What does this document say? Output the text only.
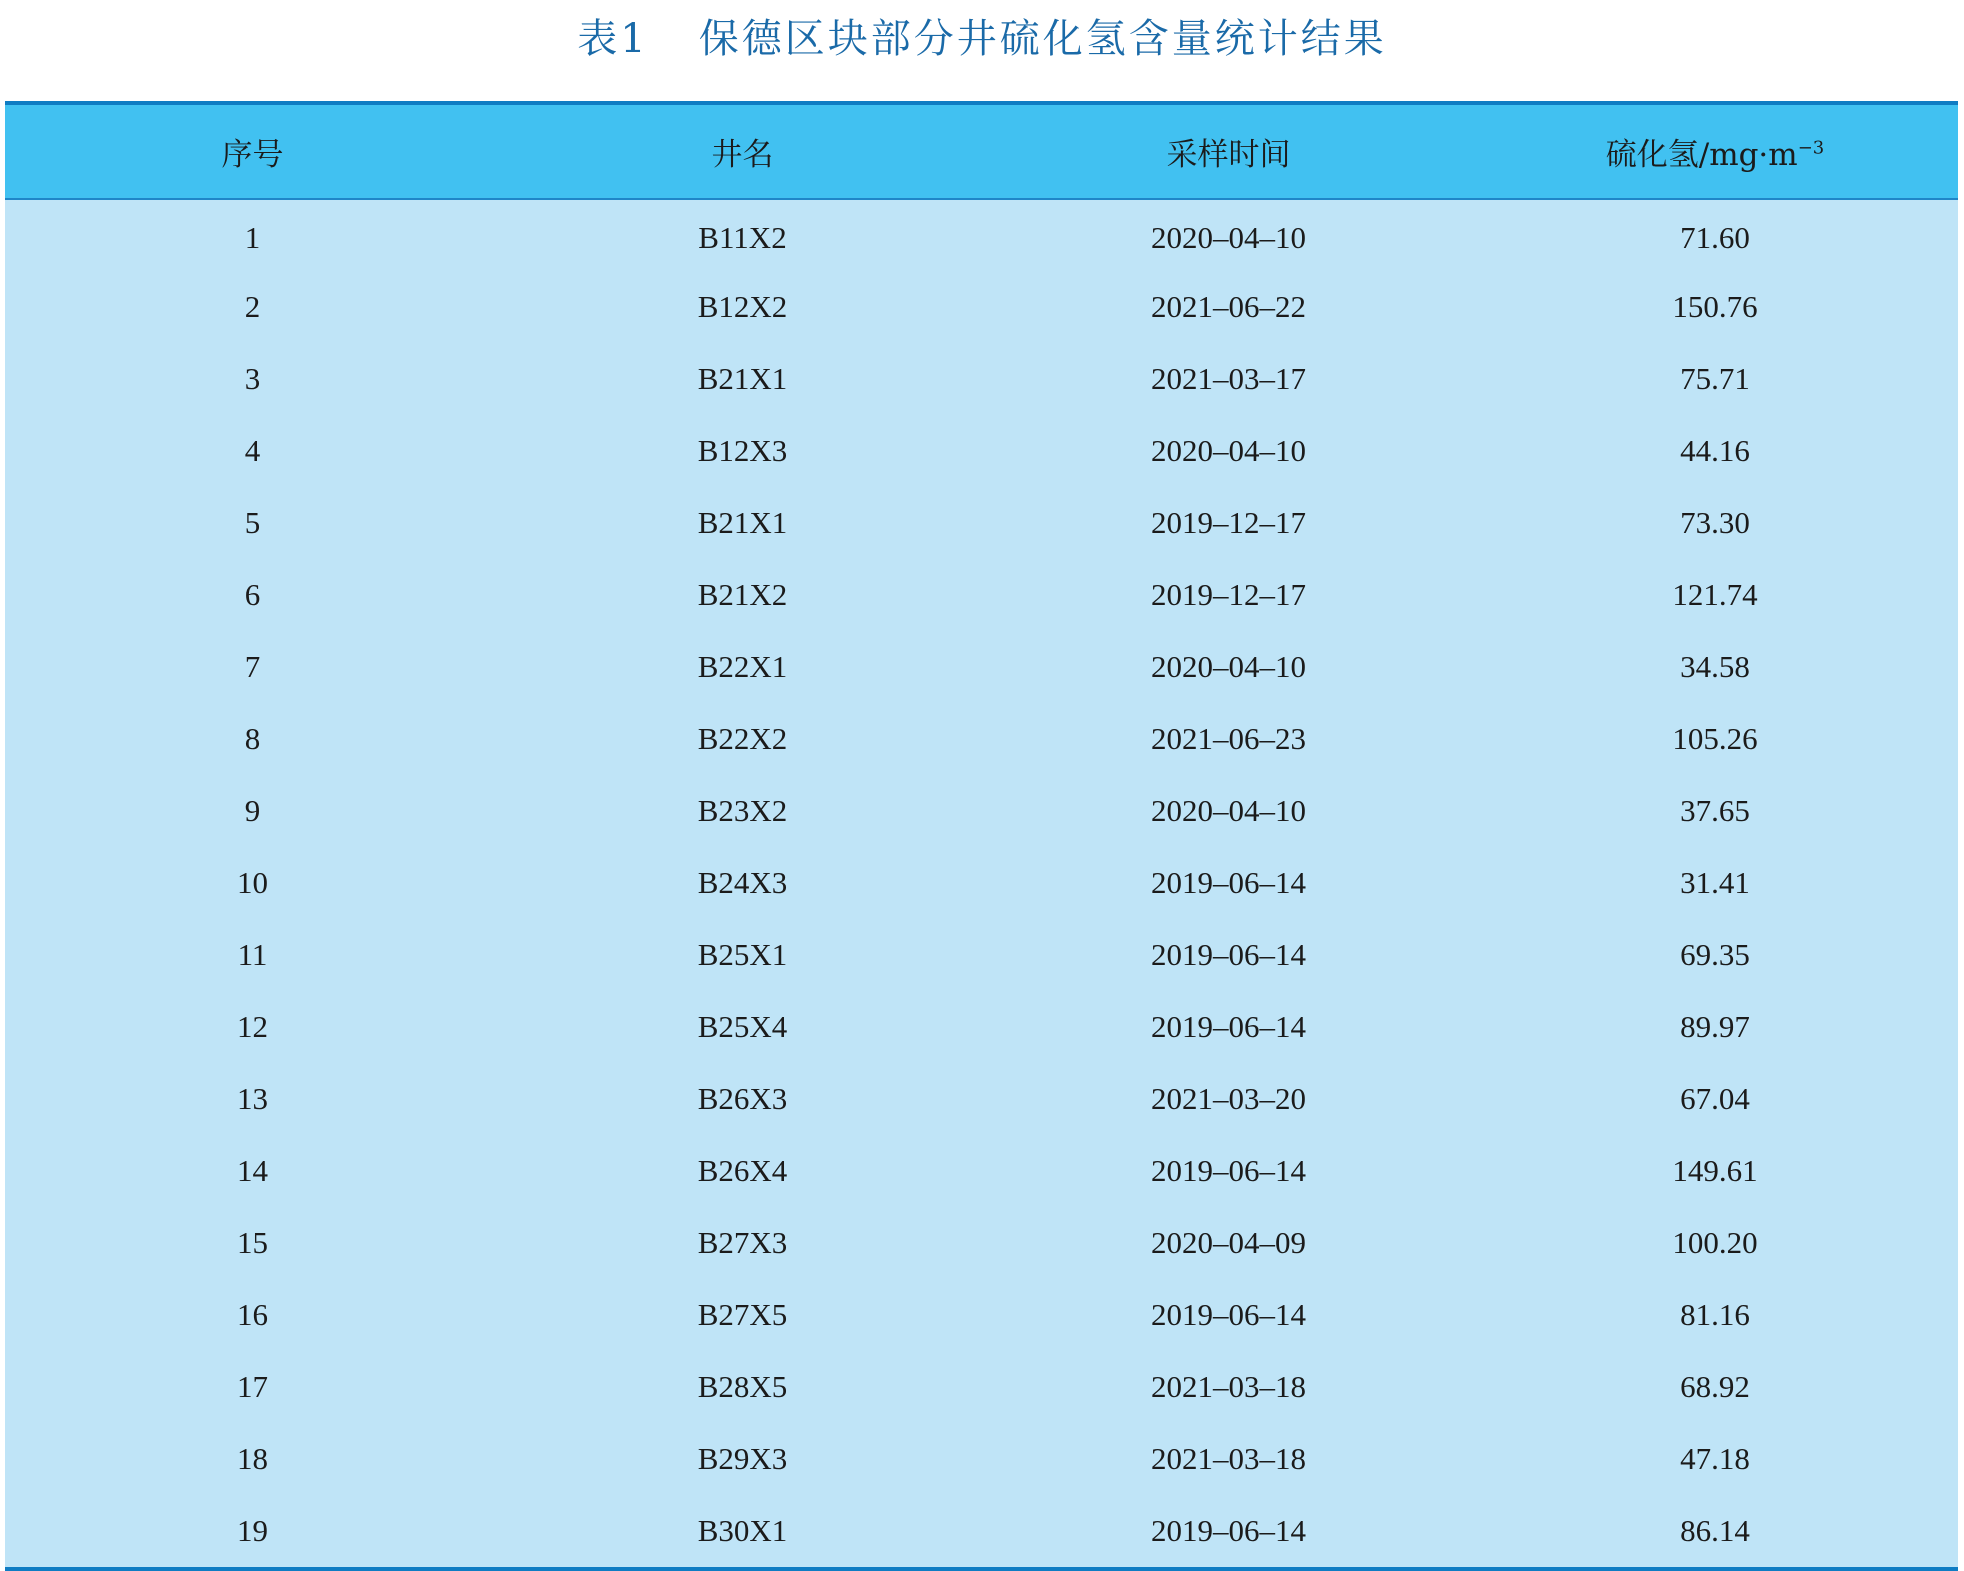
表1 保德区块部分井硫化氢含量统计结果
序号	井名	采样时间	硫化氢$/mg\cdot m^{-3}$
1	B11X2	2020–04–10	71.60
2	B12X2	2021–06–22	150.76
3	B21X1	2021–03–17	75.71
4	B12X3	2020–04–10	44.16
5	B21X1	2019–12–17	73.30
6	B21X2	2019–12–17	121.74
7	B22X1	2020–04–10	34.58
8	B22X2	2021–06–23	105.26
9	B23X2	2020–04–10	37.65
10	B24X3	2019–06–14	31.41
11	B25X1	2019–06–14	69.35
12	B25X4	2019–06–14	89.97
13	B26X3	2021–03–20	67.04
14	B26X4	2019–06–14	149.61
15	B27X3	2020–04–09	100.20
16	B27X5	2019–06–14	81.16
17	B28X5	2021–03–18	68.92
18	B29X3	2021–03–18	47.18
19	B30X1	2019–06–14	86.14
